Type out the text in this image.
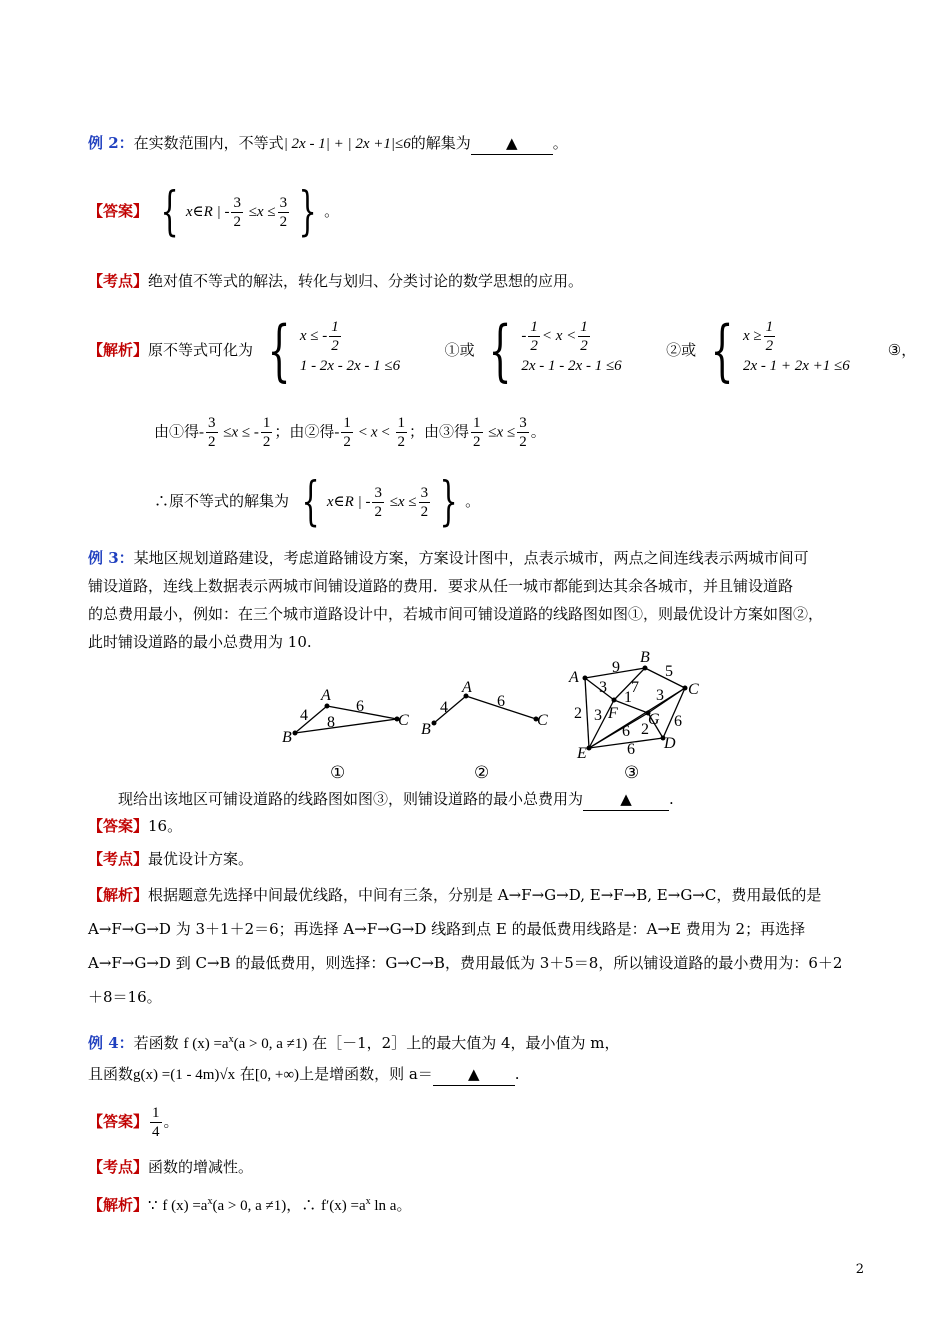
例 2：在实数范围内，不等式| 2x - 1| + | 2x +1|≤6的解集为 ▲ 。
【答案】 { x∈R | - $\frac{3}{2} \le x \le \frac{3}{2}$ } 。
【考点】绝对值不等式的解法，转化与划归、分类讨论的数学思想的应用。
【解析】原不等式可化为 { x ≤ - $\frac{1}{2}$
1 - 2x - 2x - 1 ≤6
①或 { - $\frac{1}{2} < x < \frac{1}{2}$
2x - 1 - 2x - 1 ≤6
②或 { $x \ge \frac{1}{2}$
2x - 1 + 2x +1 ≤6
③，
由①得- $\frac{3}{2} \le x$ ≤ - $\frac{1}{2}$ ；由②得- $\frac{1}{2} < x < \frac{1}{2}$ ；由③得 $\frac{1}{2} \le x \le \frac{3}{2}$ 。
∴原不等式的解集为 { x∈R | - $\frac{3}{2} \le x \le \frac{3}{2}$ } 。
例 3：某地区规划道路建设，考虑道路铺设方案，方案设计图中，点表示城市，两点之间连线表示两城市间可
铺设道路，连线上数据表示两城市间铺设道路的费用．要求从任一城市都能到达其余各城市，并且铺设道路
的总费用最小，例如：在三个城市道路设计中，若城市间可铺设道路的线路图如图①，则最优设计方案如图②，
此时铺设道路的最小总费用为 10.
A
B
C
4
6
8
A
B
C
4	6
A
B
C
D
E
F G
9	5
3 7
1 3
2 3
6 2 6
6
①	②	③
现给出该地区可铺设道路的线路图如图③，则铺设道路的最小总费用为 ▲ .
【答案】16。
【考点】最优设计方案。
【解析】根据题意先选择中间最优线路，中间有三条，分别是 A→F→G→D, E→F→B, E→G→C，费用最低的是
A→F→G→D 为 3＋1＋2＝6；再选择 A→F→G→D 线路到点 E 的最低费用线路是：A→E 费用为 2；再选择
A→F→G→D 到 C→B 的最低费用，则选择：G→C→B，费用最低为 3＋5＝8，所以铺设道路的最小费用为：6＋2
＋8＝16。
例 4：若函数 f $(x) =a^x(a > 0$, a ≠1) 在［－1，2］上的最大值为 4，最小值为 m，
且函数g(x) =(1 - 4m)√x 在[0, +∞)上是增函数，则 a＝ ▲ .
【答案】 $\frac{1}{4}$ 。
【考点】函数的增减性。
【解析】∵ f $(x) =a^x(a > 0$, a ≠1)，∴ $f'(x) =a^x$ ln a。
2
